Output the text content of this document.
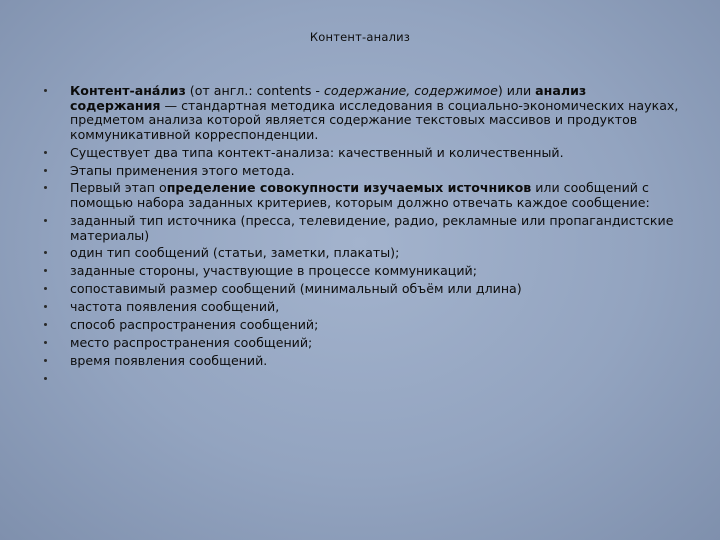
Контент-анализ
Контент-ана́лиз (от англ.: contents - содержание, содержимое) или анализ содержания — стандартная методика исследования в социально-экономических науках, предметом анализа которой является содержание текстовых массивов и продуктов коммуникативной корреспонденции.
Существует два типа контект-анализа: качественный и количественный.
Этапы применения этого метода.
Первый этап определение совокупности изучаемых источников или сообщений с помощью набора заданных критериев, которым должно отвечать каждое сообщение:
заданный тип источника (пресса, телевидение, радио, рекламные или пропагандистские материалы)
один тип сообщений (статьи, заметки, плакаты);
заданные стороны, участвующие в процессе коммуникаций;
сопоставимый размер сообщений (минимальный объём или длина)
частота появления сообщений,
способ распространения сообщений;
место распространения сообщений;
время появления сообщений.
